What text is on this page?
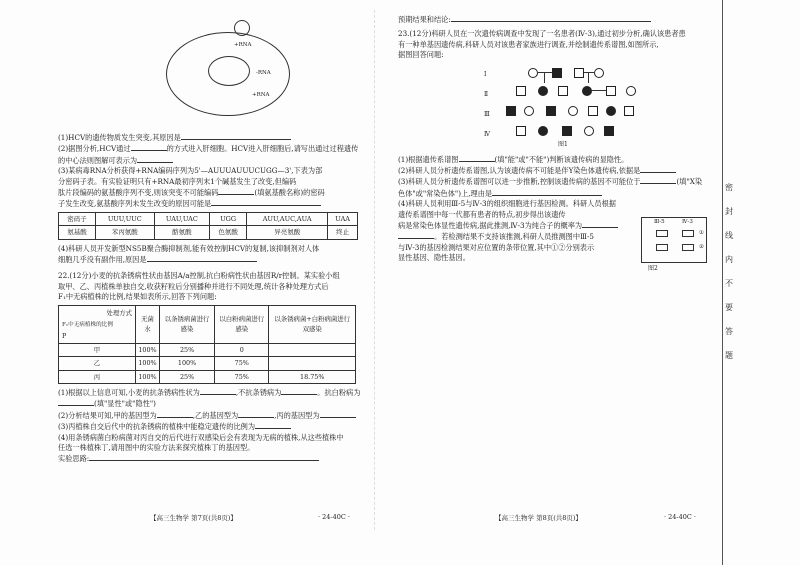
+RNA
-RNA
+RNA

(1)HCV的遗传物质发生突变,其原因是

(2)据图分析,HCV通过	的方式进入肝细胞。HCV进入肝细胞后,请写出通过过程遗传

的中心法则图解可表示为

(3)某病毒RNA分析获得+RNA编码序列为5'—AUUUAUUUCUGG—3',下表为部

分密码子表。有实验证明只有+RNA最初序列末1个碱基发生了改变,但编码

肽片段编码的氨基酸序列不变,则该突变不可能编码	(填氨基酸名称)的密码

子发生改变,氨基酸序列未发生改变的原因可能是

密码子	UUU,UUC	UAU,UAC	UGG	AUU,AUC,AUA	UAA
氨基酸	苯丙氨酸	酪氨酸	色氨酸	异亮氨酸	终止

(4)科研人员开发新型NS5B聚合酶抑制剂,能有效控制HCV的复制,该抑制剂对人体

细胞几乎没有副作用,原因是

22.(12分)小麦的抗条锈病性状由基因A/a控制,抗白粉病性状由基因R/r控制。某实验小组

取甲、乙、丙植株单独自交,收获籽粒后分别播种并进行不同处理,统计各种处理方式后

F₁中无病植株的比例,结果如表所示,回答下列问题:

处理方式
F₁中无病植株的比例
P	无菌水	以条锈病菌进行感染	以白粉病菌进行感染	以条锈病菌+白粉病菌进行双感染
甲	100%	25%	0	
乙	100%	100%	75%	
丙	100%	25%	75%	18.75%

(1)根据以上信息可知,小麦的抗条锈病性状为	,不抗条锈病为	。抗白粉病为

(填"显性"或"隐性")

(2)分析结果可知,甲的基因型为	,乙的基因型为	,丙的基因型为

(3)丙植株自交后代中的抗条锈病的植株中能稳定遗传的比例为

(4)用条锈病菌白粉病菌对丙自交的后代进行双感染后会有表现为无病的植株,从这些植株中

任选一株植株丁,请用图中的实验方法来探究植株丁的基因型。

实验思路:

【高三生物学 第7页(共8页)】	· 24-40C ·

预期结果和结论:

23.(12分)科研人员在一次遗传病调查中发现了一名患者(Ⅳ-3),通过初步分析,确认该患者患

有一种单基因遗传病,科研人员对该患者家族进行调查,并绘制遗传系谱图,如图所示,

据图回答问题:

Ⅰ
Ⅱ
Ⅲ
Ⅳ
图1

(1)根据遗传系谱图	(填"能"或"不能")判断该遗传病的显隐性。

(2)科研人员分析遗传系谱图,认为该遗传病不可能是伴Y染色体遗传病,依据是

(3)科研人员分析遗传系谱图可以进一步推断,控制该遗传病的基因不可能位于	(填"X染

色体"或"常染色体")上,理由是

(4)科研人员利用Ⅲ-5与Ⅳ-3的组织细胞进行基因检测。科研人员根据

遗传系谱图中每一代都有患者的特点,初步得出该遗传

病是常染色体显性遗传病,据此推测,Ⅳ-3为纯合子的概率为

。若检测结果不支持该推测,科研人员推测图中Ⅲ-5

与Ⅳ-3的基因检测结果对应位置的条带位置,其中①②分别表示

显性基因、隐性基因。

Ⅲ-5	Ⅳ-3
①
②
图2
【高三生物学 第8页(共8页)】	· 24-40C ·
密
封
线
内
不
要
答
题
